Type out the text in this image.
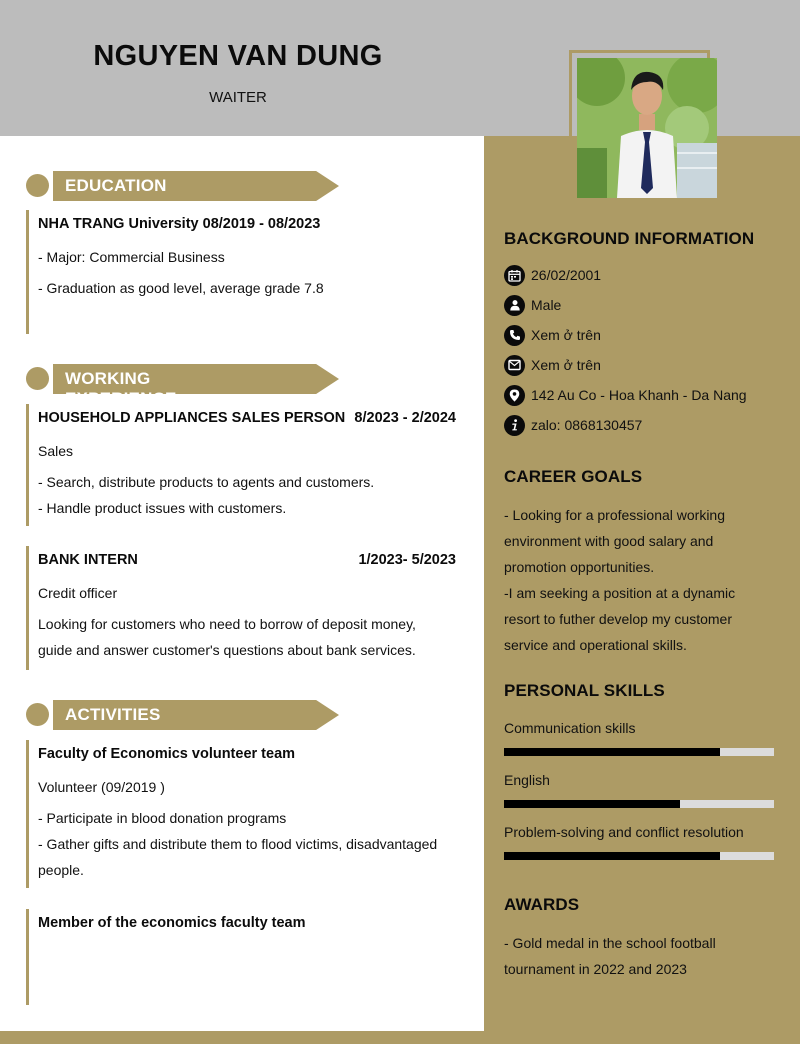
NGUYEN VAN DUNG
WAITER
EDUCATION
NHA TRANG University 08/2019 - 08/2023
- Major: Commercial Business
- Graduation as good level, average grade 7.8
WORKING EXPERIENCE
HOUSEHOLD APPLIANCES SALES PERSON 8/2023 - 2/2024
Sales
- Search, distribute products to agents and customers.
- Handle product issues with customers.
BANK INTERN	1/2023- 5/2023
Credit officer
Looking for customers who need to borrow of deposit money,
guide and answer customer's questions about bank services.
ACTIVITIES
Faculty of Economics volunteer team
Volunteer (09/2019 )
- Participate in blood donation programs
- Gather gifts and distribute them to flood victims, disadvantaged
people.
Member of the economics faculty team
BACKGROUND INFORMATION
26/02/2001
Male
Xem ở trên
Xem ở trên
142 Au Co - Hoa Khanh - Da Nang
zalo: 0868130457
CAREER GOALS
- Looking for a professional working
environment with good salary and
promotion opportunities.
-I am seeking a position at a dynamic
resort to futher develop my customer
service and operational skills.
PERSONAL SKILLS
Communication skills
English
Problem-solving and conflict resolution
AWARDS
- Gold medal in the school football
tournament in 2022 and 2023
